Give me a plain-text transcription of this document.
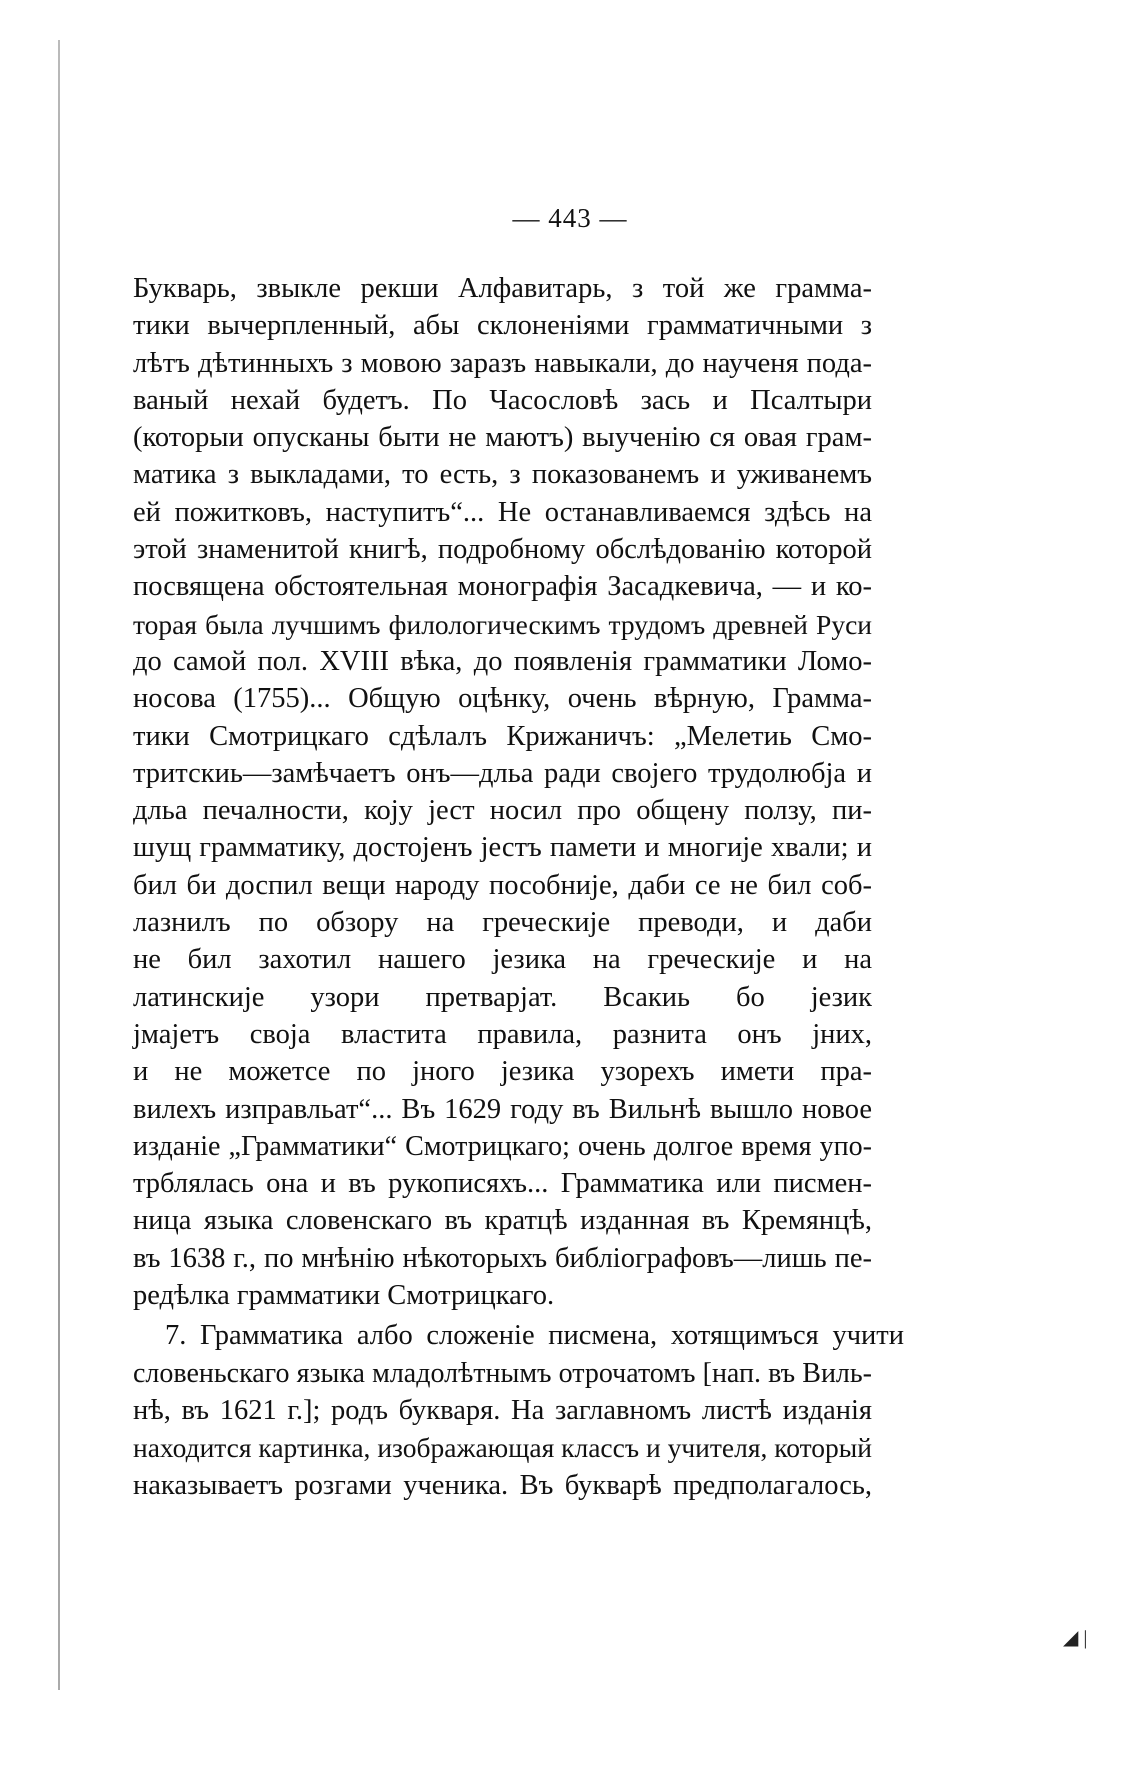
— 443 —
Букварь, звыкле рекши Алфавитарь, з той же грамма-
тики вычерпленный, абы склоненіями грамматичными з
лѣтъ дѣтинныхъ з мовою заразъ навыкали, до наученя пода-
ваный нехай будетъ. По Часословѣ зась и Псалтыри
(которыи опусканы быти не маютъ) выученію ся овая грам-
матика з выкладами, то есть, з показованемъ и уживанемъ
ей пожитковъ, наступитъ“... Не останавливаемся здѣсь на
этой знаменитой книгѣ, подробному обслѣдованію которой
посвящена обстоятельная монографія Засадкевича, — и ко-
торая была лучшимъ филологическимъ трудомъ древней Руси
до самой пол. XVIII вѣка, до появленія грамматики Ломо-
носова (1755)... Общую оцѣнку, очень вѣрную, Грамма-
тики Смотрицкаго сдѣлалъ Крижаничъ: „Мелетиь Смо-
тритскиь—замѣчаетъ онъ—дльа ради својего трудолюбја и
дльа печалности, коју јест носил про общену ползу, пи-
шущ грамматику, достојенъ јестъ памети и многије хвали; и
бил би доспил вещи народу пособније, даби се не бил соб-
лазнилъ по обзору на греческије преводи, и даби
не бил захотил нашего језика на греческије и на
латинскије узори претварјат. Всакиь бо језик
јмајетъ своја властита правила, разнита онъ јних,
и не можетсе по јного језика узорехъ имети пра-
вилехъ изправльат“... Въ 1629 году въ Вильнѣ вышло новое
изданіе „Грамматики“ Смотрицкаго; очень долгое время упо-
трблялась она и въ рукописяхъ... Грамматика или писмен-
ница языка словенскаго въ кратцѣ изданная въ Кремянцѣ,
въ 1638 г., по мнѣнію нѣкоторыхъ библіографовъ—лишь пе-
редѣлка грамматики Смотрицкаго.
7. Грамматика албо сложеніе писмена, хотящимъся учити
словеньскаго языка младолѣтнымъ отрочатомъ [нап. въ Виль-
нѣ, въ 1621 г.]; родъ букваря. На заглавномъ листѣ изданія
находится картинка, изображающая классъ и учителя, который
наказываетъ розгами ученика. Въ букварѣ предполагалось,
◢ |
